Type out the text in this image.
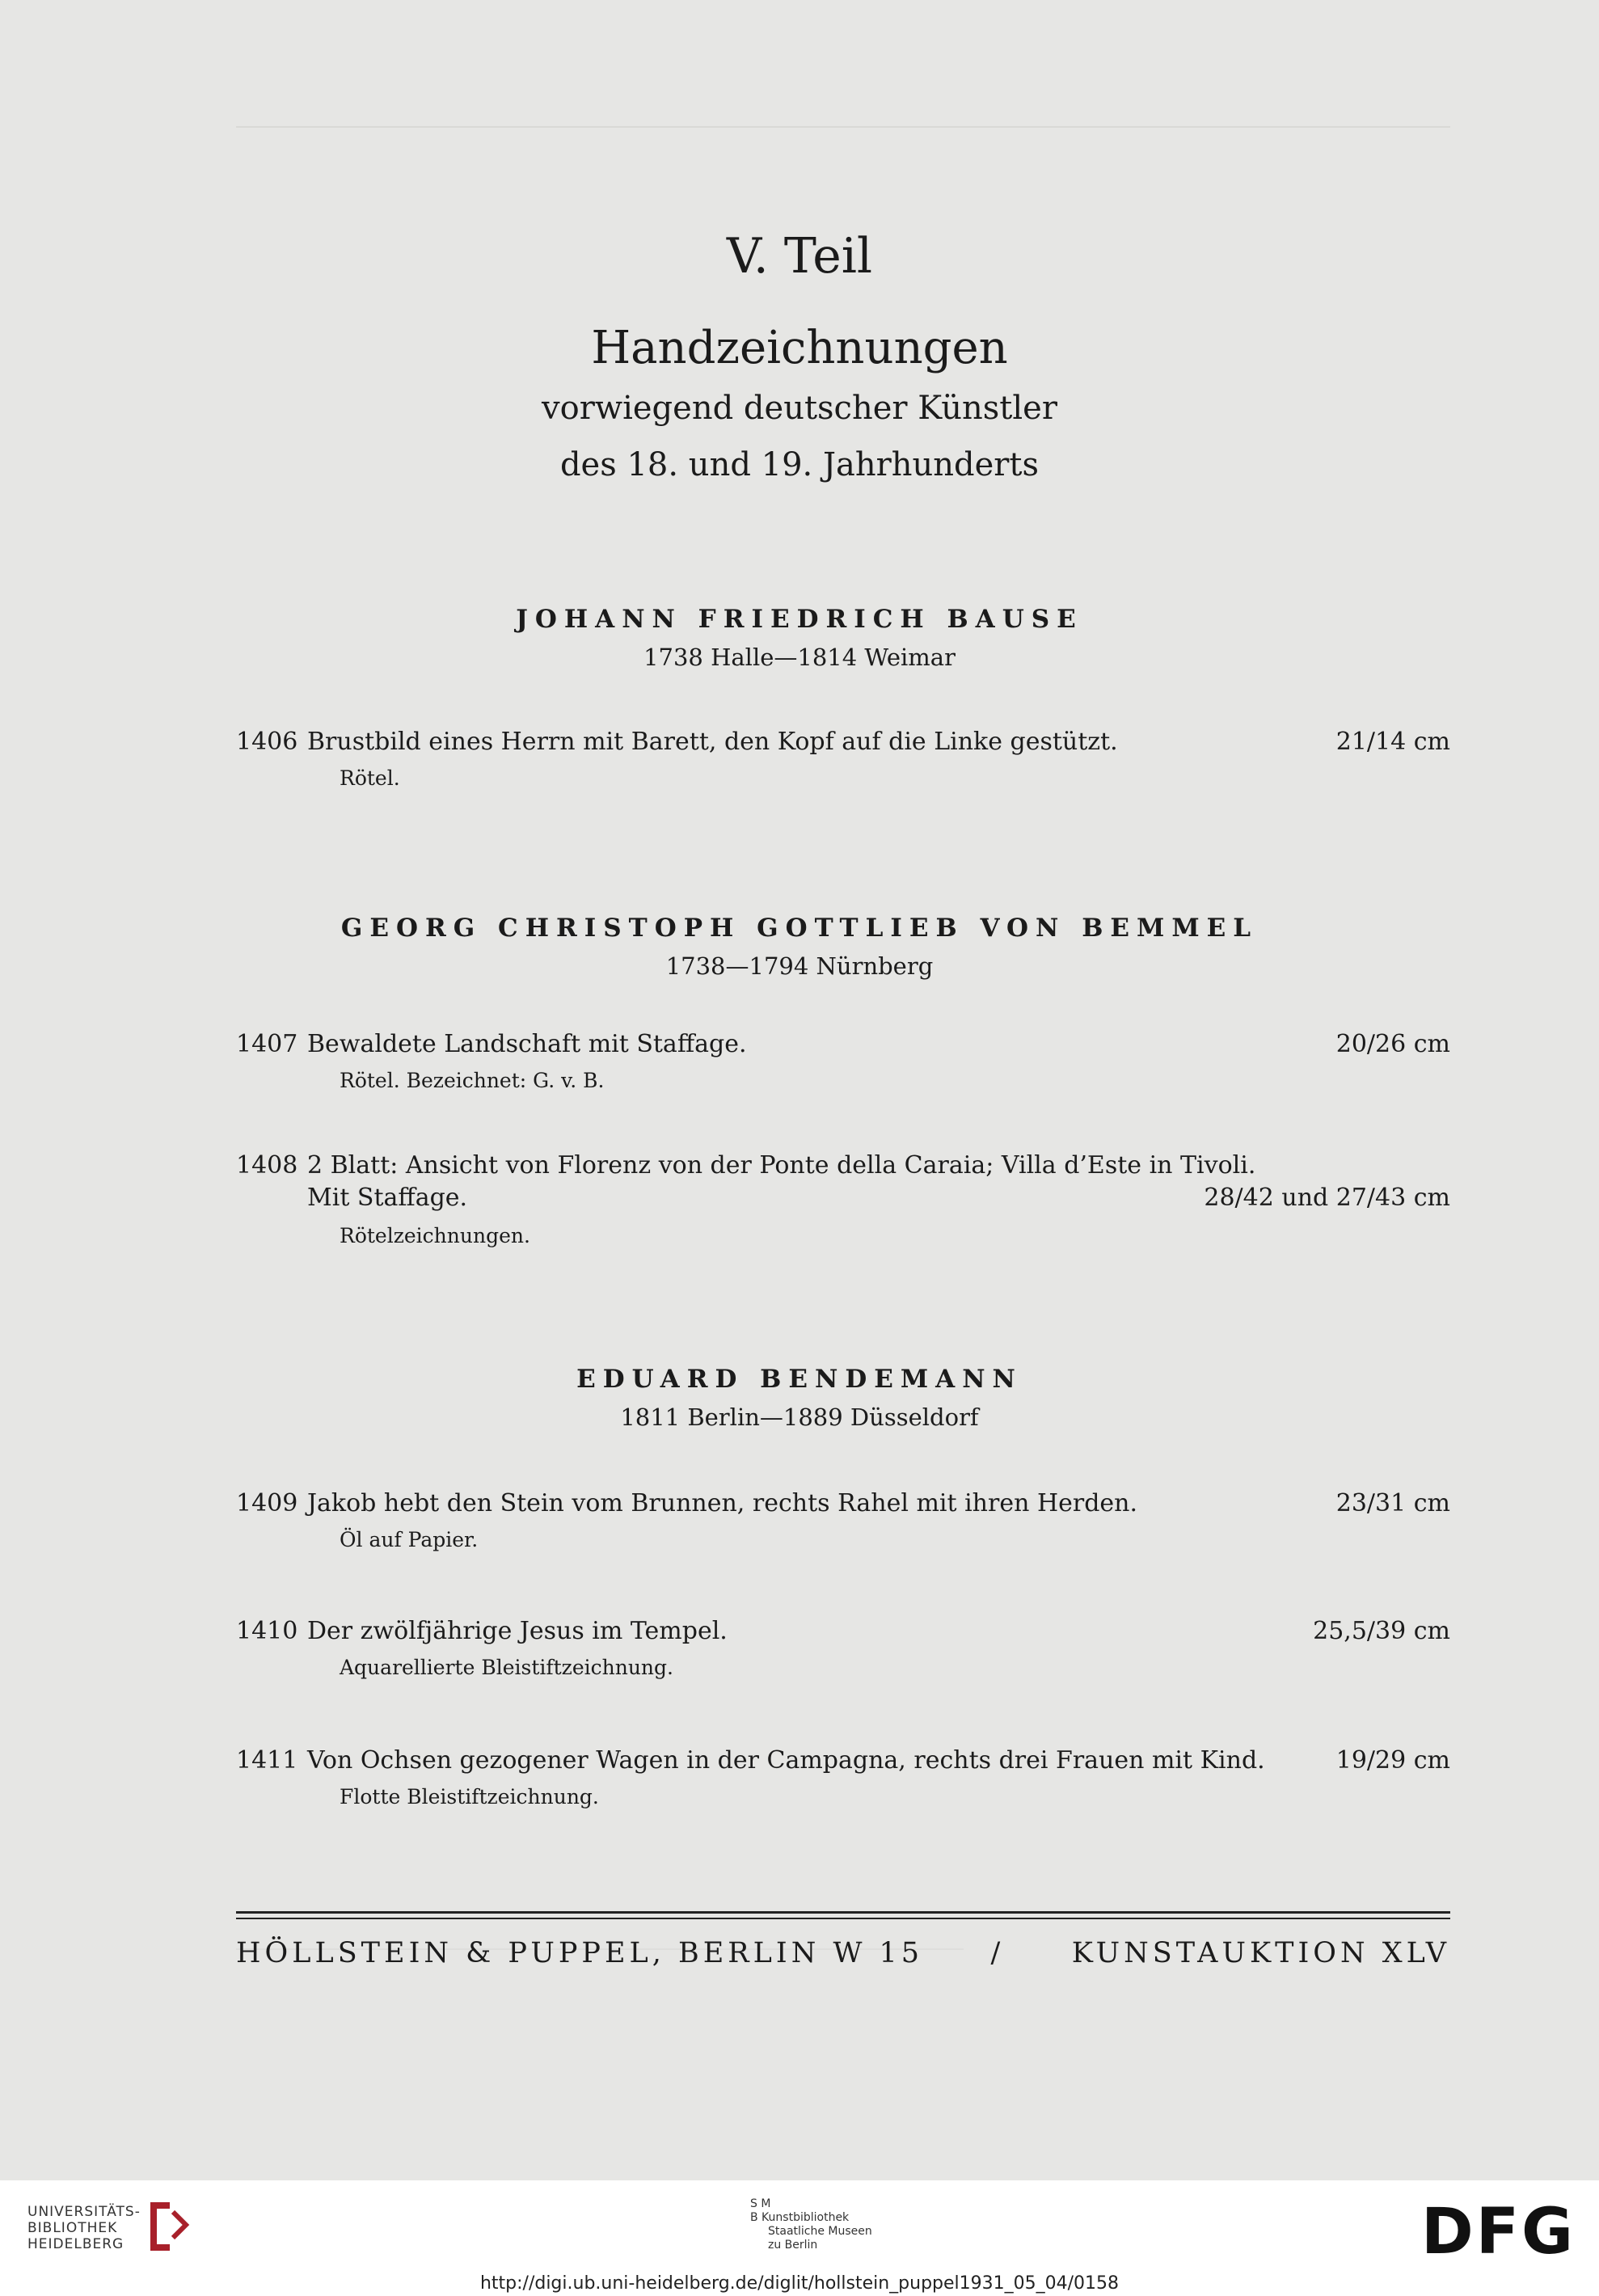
V. Teil
Handzeichnungen
vorwiegend deutscher Künstler
des 18. und 19. Jahrhunderts
JOHANN FRIEDRICH BAUSE
1738 Halle—1814 Weimar
1406 Brustbild eines Herrn mit Barett, den Kopf auf die Linke gestützt.	21/14 cm
Rötel.
GEORG CHRISTOPH GOTTLIEB VON BEMMEL
1738—1794 Nürnberg
1407 Bewaldete Landschaft mit Staffage.	20/26 cm
Rötel. Bezeichnet: G. v. B.
1408 2 Blatt: Ansicht von Florenz von der Ponte della Caraia; Villa d’Este in Tivoli.
Mit Staffage.	28/42 und 27/43 cm
Rötelzeichnungen.
EDUARD BENDEMANN
1811 Berlin—1889 Düsseldorf
1409 Jakob hebt den Stein vom Brunnen, rechts Rahel mit ihren Herden.	23/31 cm
Öl auf Papier.
1410 Der zwölfjährige Jesus im Tempel.	25,5/39 cm
Aquarellierte Bleistiftzeichnung.
1411 Von Ochsen gezogener Wagen in der Campagna, rechts drei Frauen mit Kind.	19/29 cm
Flotte Bleistiftzeichnung.
HÖLLSTEIN & PUPPEL, BERLIN W 15 / KUNSTAUKTION XLV
UNIVERSITÄTS-
BIBLIOTHEK
HEIDELBERG
S M
B Kunstbibliothek
Staatliche Museen
zu Berlin	DFG
http://digi.ub.uni-heidelberg.de/diglit/hollstein_puppel1931_05_04/0158
